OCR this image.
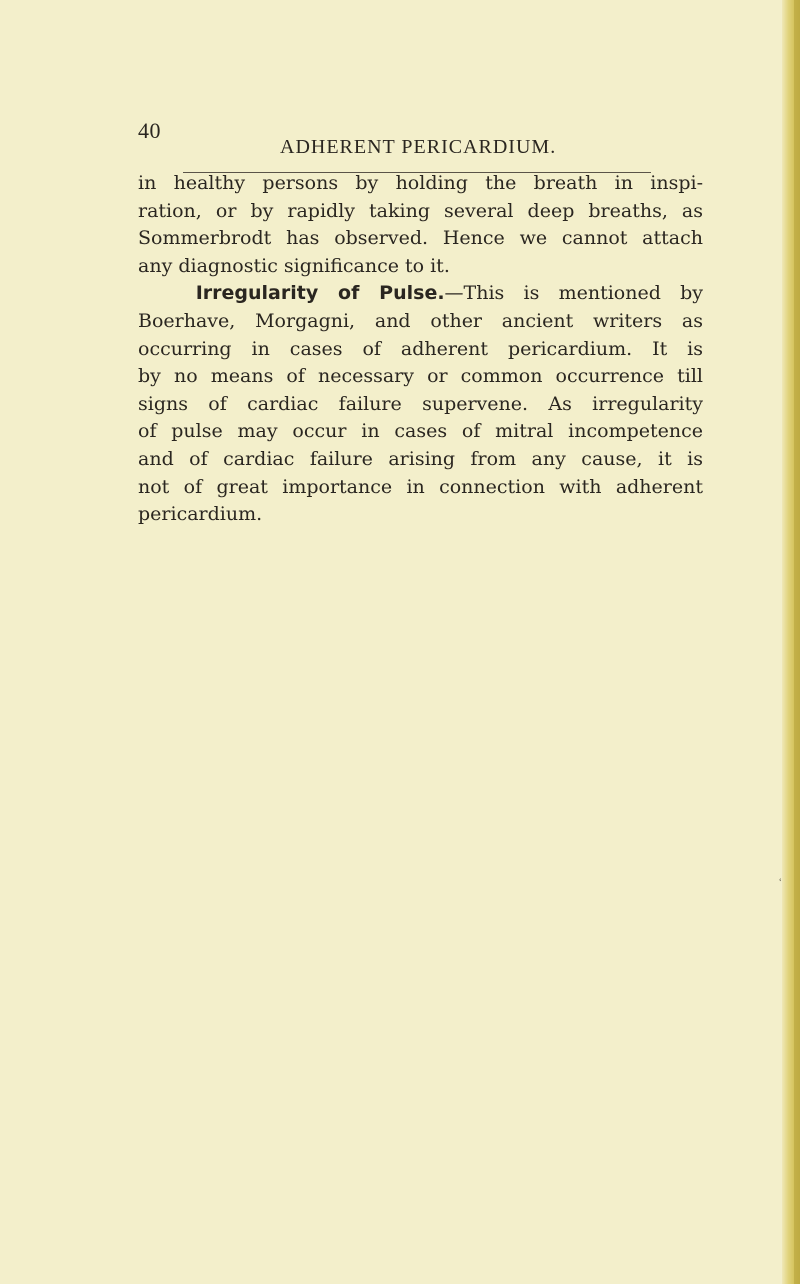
40
ADHERENT PERICARDIUM.
in healthy persons by holding the breath in inspi-
ration, or by rapidly taking several deep breaths, as
Sommerbrodt has observed. Hence we cannot attach
any diagnostic significance to it.
Irregularity of Pulse.—This is mentioned by
Boerhave, Morgagni, and other ancient writers as
occurring in cases of adherent pericardium. It is
by no means of necessary or common occurrence till
signs of cardiac failure supervene. As irregularity
of pulse may occur in cases of mitral incompetence
and of cardiac failure arising from any cause, it is
not of great importance in connection with adherent
pericardium.
ʿ
